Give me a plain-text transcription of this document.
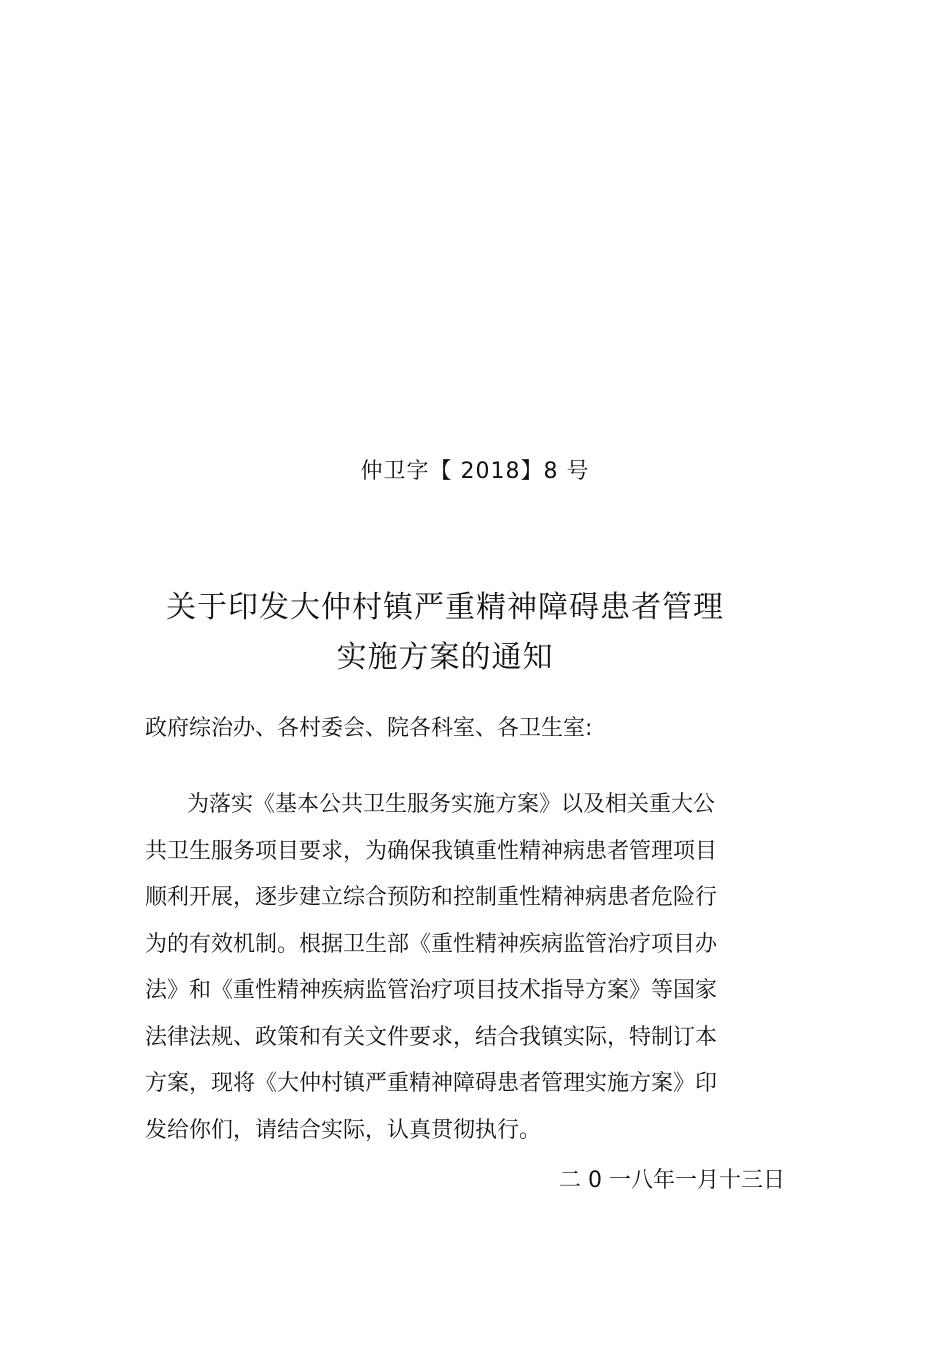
仲卫字【 2018】8 号
关于印发大仲村镇严重精神障碍患者管理
实施方案的通知
政府综治办、各村委会、院各科室、各卫生室:
为落实《基本公共卫生服务实施方案》以及相关重大公
共卫生服务项目要求，为确保我镇重性精神病患者管理项目
顺利开展，逐步建立综合预防和控制重性精神病患者危险行
为的有效机制。根据卫生部《重性精神疾病监管治疗项目办
法》和《重性精神疾病监管治疗项目技术指导方案》等国家
法律法规、政策和有关文件要求，结合我镇实际，特制订本
方案，现将《大仲村镇严重精神障碍患者管理实施方案》印
发给你们，请结合实际，认真贯彻执行。
二 0 一八年一月十三日
